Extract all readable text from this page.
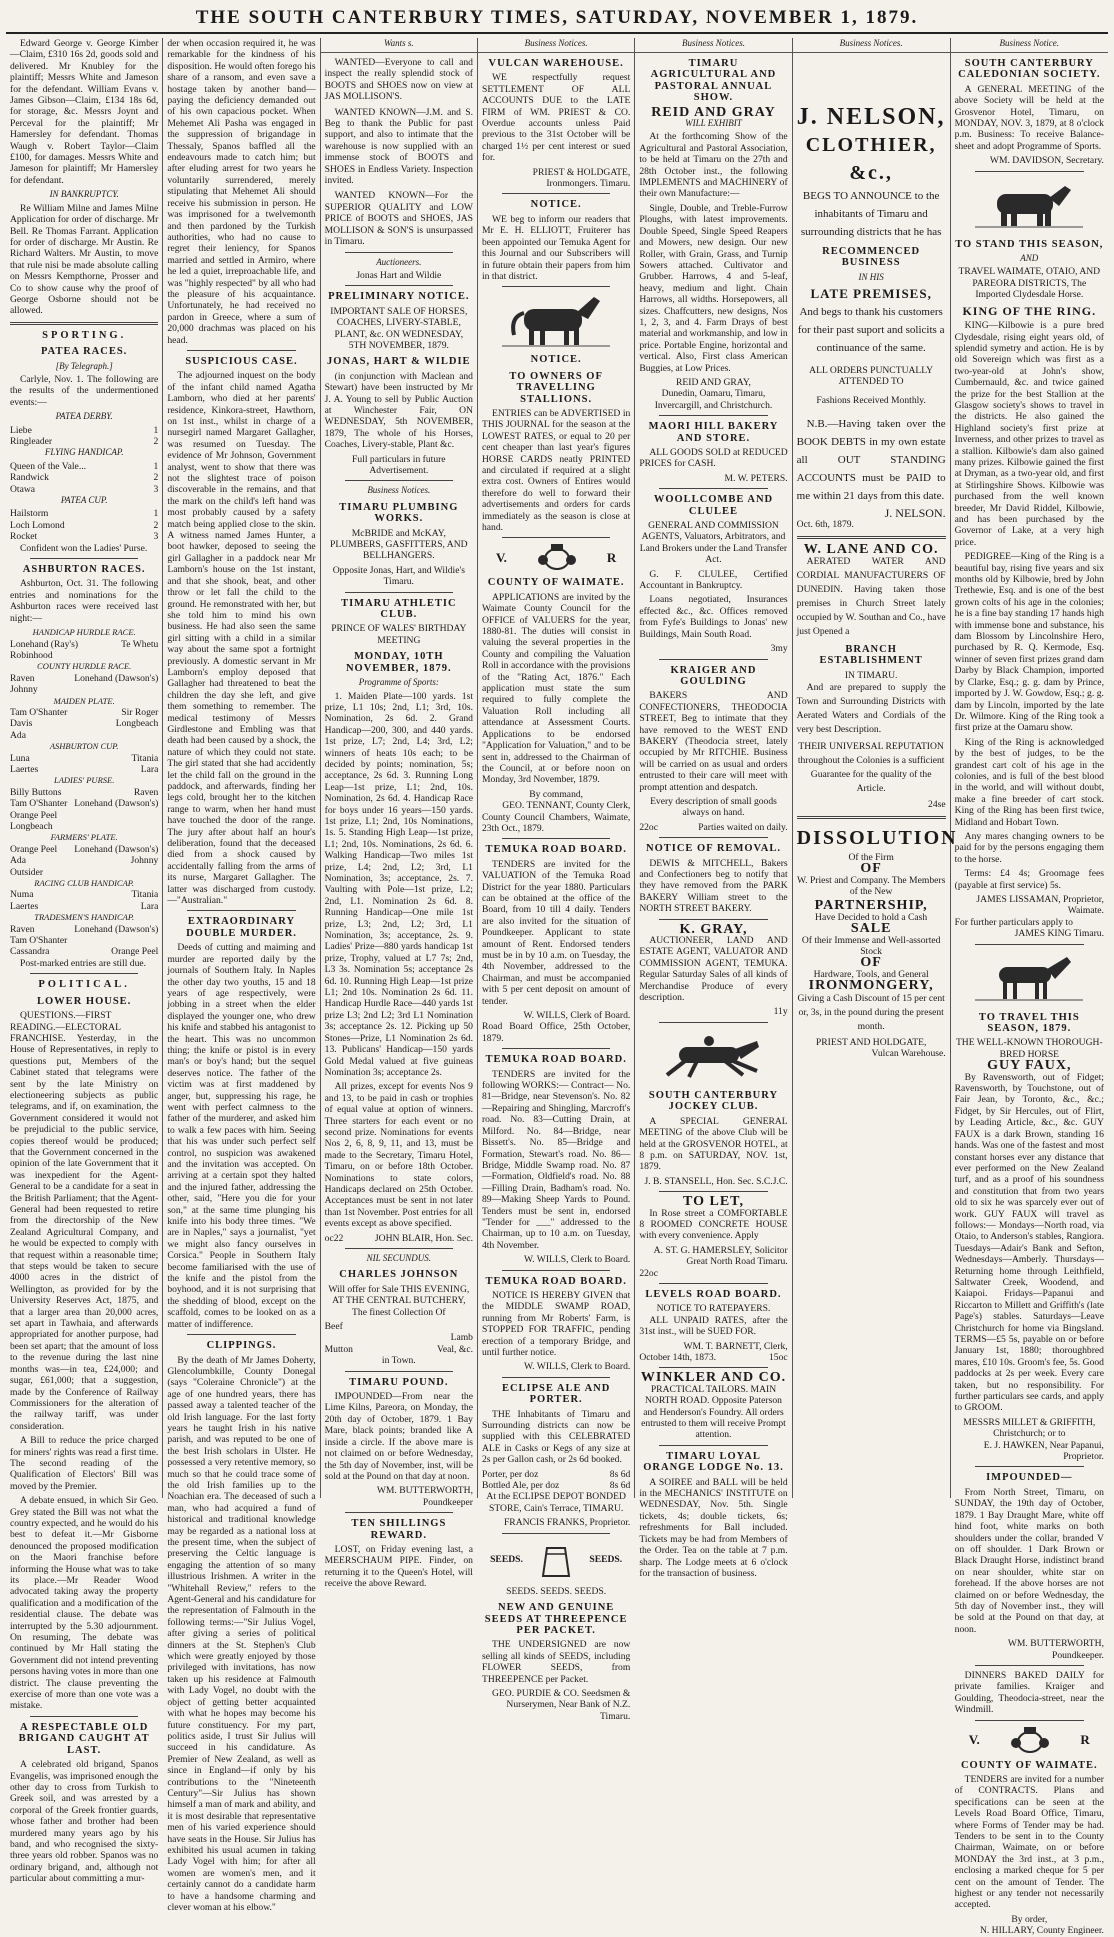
THE SOUTH CANTERBURY TIMES, SATURDAY, NOVEMBER 1, 1879.

Edward George v. George Kimber—Claim, £310 16s 2d, goods sold and delivered. Mr Knubley for the plaintiff; Messrs White and Jameson for the defendant. William Evans v. James Gibson—Claim, £134 18s 6d, for storage, &c. Messrs Joynt and Perceval for the plaintiff; Mr Hamersley for defendant. Thomas Waugh v. Robert Taylor—Claim £100, for damages. Messrs White and Jameson for plaintiff; Mr Hamersley for defendant.

IN BANKRUPTCY.

Re William Milne and James Milne Application for order of discharge. Mr Bell. Re Thomas Farrant. Application for order of discharge. Mr Austin. Re Richard Walters. Mr Austin, to move that rule nisi be made absolute calling on Messrs Kempthorne, Prosser and Co to show cause why the proof of George Osborne should not be allowed.

SPORTING.
PATEA RACES.
[By Telegraph.]

Carlyle, Nov. 1. The following are the results of the undermentioned events:—

PATEA DERBY.
Liebe	1
Ringleader	2
FLYING HANDICAP.
Queen of the Vale...	1
Randwick	2
Otawa	3
PATEA CUP.
Hailstorm	1
Loch Lomond	2
Rocket	3

Confident won the Ladies' Purse.

ASHBURTON RACES.

Ashburton, Oct. 31. The following entries and nominations for the Ashburton races were received last night:—

HANDICAP HURDLE RACE.
Lonehand (Ray's)	Te Whetu
Robinhood
COUNTY HURDLE RACE.
Raven	Lonehand (Dawson's)
Johnny
MAIDEN PLATE.
Tam O'Shanter	Sir Roger
Davis	Longbeach
Ada
ASHBURTON CUP.
Luna	Titania
Laertes	Lara
LADIES' PURSE.
Billy Buttons	Raven
Tam O'Shanter Lonehand (Dawson's)
Orange Peel
Longbeach
FARMERS' PLATE.
Orange Peel Lonehand (Dawson's)
Ada	Johnny
Outsider
RACING CLUB HANDICAP.
Numa	Titania
Laertes	Lara
TRADESMEN'S HANDICAP.
Raven	Lonehand (Dawson's)
Tam O'Shanter
Cassandra	Orange Peel

Post-marked entries are still due.

POLITICAL.
LOWER HOUSE.

QUESTIONS.—FIRST READING.—ELECTORAL FRANCHISE. Yesterday, in the House of Representatives, in reply to questions put, Members of the Cabinet stated that telegrams were sent by the late Ministry on electioneering subjects as public telegrams, and if, on examination, the Government considered it would not be prejudicial to the public service, copies thereof would be produced; that the Government concerned in the opinion of the late Government that it was inexpedient for the Agent-General to be a candidate for a seat in the British Parliament; that the Agent-General had been requested to retire from the directorship of the New Zealand Agricultural Company, and he would be expected to comply with that request within a reasonable time; that steps would be taken to secure 4000 acres in the district of Wellington, as provided for by the University Reserves Act, 1875, and that a larger area than 20,000 acres, set apart in Tawhaia, and afterwards appropriated for another purpose, had been set apart; that the amount of loss to the revenue during the last nine months was—in tea, £24,000; and sugar, £61,000; that a suggestion, made by the Conference of Railway Commissioners for the alteration of the railway tariff, was under consideration.

A Bill to reduce the price charged for miners' rights was read a first time. The second reading of the Qualification of Electors' Bill was moved by the Premier.

A debate ensued, in which Sir Geo. Grey stated the Bill was not what the country expected, and he would do his best to defeat it.—Mr Gisborne denounced the proposed modification on the Maori franchise before informing the House what was to take its place.—Mr Reader Wood advocated taking away the property qualification and a modification of the residential clause. The debate was interrupted by the 5.30 adjournment. On resuming, The debate was continued by Mr Hall stating the Government did not intend preventing persons having votes in more than one district. The clause preventing the exercise of more than one vote was a mistake.

A RESPECTABLE OLD BRIGAND CAUGHT AT LAST.

A celebrated old brigand, Spanos Evangelis, was imprisoned enough the other day to cross from Turkish to Greek soil, and was arrested by a corporal of the Greek frontier guards, whose father and brother had been murdered many years ago by his band, and who recognised the sixty-three years old robber. Spanos was no ordinary brigand, and, although not particular about committing a mur-

der when occasion required it, he was remarkable for the kindness of his disposition. He would often forego his share of a ransom, and even save a hostage taken by another band—paying the deficiency demanded out of his own capacious pocket. When Mehemet Ali Pasha was engaged in the suppression of brigandage in Thessaly, Spanos baffled all the endeavours made to catch him; but after eluding arrest for two years he voluntarily surrendered, merely stipulating that Mehemet Ali should receive his submission in person. He was imprisoned for a twelvemonth and then pardoned by the Turkish authorities, who had no cause to regret their leniency, for Spanos married and settled in Armiro, where he led a quiet, irreproachable life, and was "highly respected" by all who had the pleasure of his acquaintance. Unfortunately, he had received no pardon in Greece, where a sum of 20,000 drachmas was placed on his head.

SUSPICIOUS CASE.

The adjourned inquest on the body of the infant child named Agatha Lamborn, who died at her parents' residence, Kinkora-street, Hawthorn, on 1st inst., whilst in charge of a nursegirl named Margaret Gallagher, was resumed on Tuesday. The evidence of Mr Johnson, Government analyst, went to show that there was not the slightest trace of poison discoverable in the remains, and that the mark on the child's left hand was most probably caused by a safety match being applied close to the skin. A witness named James Hunter, a boot hawker, deposed to seeing the girl Gallagher in a paddock near Mr Lamborn's house on the 1st instant, and that she shook, beat, and other throw or let fall the child to the ground. He remonstrated with her, but she told him to mind his own business. He had also seen the same girl sitting with a child in a similar way about the same spot a fortnight previously. A domestic servant in Mr Lamborn's employ deposed that Gallagher had threatened to beat the children the day she left, and give them something to remember. The medical testimony of Messrs Girdlestone and Embling was that death had been caused by a shock, the nature of which they could not state. The girl stated that she had accidently let the child fall on the ground in the paddock, and afterwards, finding her legs cold, brought her to the kitchen range to warm, when her hand must have touched the door of the range. The jury after about half an hour's deliberation, found that the deceased died from a shock caused by accidentally falling from the arms of its nurse, Margaret Gallagher. The latter was discharged from custody.—"Australian."

EXTRAORDINARY DOUBLE MURDER.

Deeds of cutting and maiming and murder are reported daily by the journals of Southern Italy. In Naples the other day two youths, 15 and 18 years of age respectively, were jobbing in a street when the elder displayed the younger one, who drew his knife and stabbed his antagonist to the heart. This was no uncommon thing; the knife or pistol is in every man's or boy's hand; but the sequel deserves notice. The father of the victim was at first maddened by anger, but, suppressing his rage, he went with perfect calmness to the father of the murderer, and asked him to walk a few paces with him. Seeing that his was under such perfect self control, no suspicion was awakened and the invitation was accepted. On arriving at a certain spot they halted and the injured father, addressing the other, said, "Here you die for your son," at the same time plunging his knife into his body three times. "We are in Naples," says a journalist, "yet we might also fancy ourselves in Corsica." People in Southern Italy become familiarised with the use of the knife and the pistol from the boyhood, and it is not surprising that the shedding of blood, except on the scaffold, comes to be looked on as a matter of indifference.

CLIPPINGS.

By the death of Mr James Doherty, Glencolumbkille, County Donegal (says "Coleraine Chronicle") at the age of one hundred years, there has passed away a talented teacher of the old Irish language. For the last forty years he taught Irish in his native parish, and was reputed to be one of the best Irish scholars in Ulster. He possessed a very retentive memory, so much so that he could trace some of the old Irish families up to the Noachian era. The deceased of such a man, who had acquired a fund of historical and traditional knowledge may be regarded as a national loss at the present time, when the subject of preserving the Celtic language is engaging the attention of so many illustrious Irishmen. A writer in the "Whitehall Review," refers to the Agent-General and his candidature for the representation of Falmouth in the following terms:—"Sir Julius Vogel, after giving a series of political dinners at the St. Stephen's Club which were greatly enjoyed by those privileged with invitations, has now taken up his residence at Falmouth with Lady Vogel, no doubt with the object of getting better acquainted with what he hopes may become his future constituency. For my part, politics aside, I trust Sir Julius will succeed in his candidature. As Premier of New Zealand, as well as since in England—if only by his contributions to the "Nineteenth Century"—Sir Julius has shown himself a man of mark and ability, and it is most desirable that representative men of his varied experience should have seats in the House. Sir Julius has exhibited his usual acumen in taking Lady Vogel with him; for after all women are women's men, and it certainly cannot do a candidate harm to have a handsome charming and clever woman at his elbow."

Wants s.

WANTED—Everyone to call and inspect the really splendid stock of BOOTS and SHOES now on view at JAS MOLLISON'S.

WANTED KNOWN—J.M. and S. Beg to thank the Public for past support, and also to intimate that the warehouse is now supplied with an immense stock of BOOTS and SHOES in Endless Variety. Inspection invited.

WANTED KNOWN—For the SUPERIOR QUALITY and LOW PRICE of BOOTS and SHOES, JAS MOLLISON & SON'S is unsurpassed in Timaru.

Auctioneers.
Jonas Hart and Wildie
PRELIMINARY NOTICE.

IMPORTANT SALE OF HORSES, COACHES, LIVERY-STABLE, PLANT, &c. ON WEDNESDAY, 5TH NOVEMBER, 1879.

JONAS, HART & WILDIE

(in conjunction with Maclean and Stewart) have been instructed by Mr J. A. Young to sell by Public Auction at Winchester Fair, ON WEDNESDAY, 5th NOVEMBER, 1879, The whole of his Horses, Coaches, Livery-stable, Plant &c.

Full particulars in future Advertisement.

Business Notices.
TIMARU PLUMBING WORKS.

McBRIDE and McKAY, PLUMBERS, GASFITTERS, AND BELLHANGERS.

Opposite Jonas, Hart, and Wildie's Timaru.

TIMARU ATHLETIC CLUB.
PRINCE OF WALES' BIRTHDAY MEETING
MONDAY, 10TH NOVEMBER, 1879.
Programme of Sports:

1. Maiden Plate—100 yards. 1st prize, L1 10s; 2nd, L1; 3rd, 10s. Nomination, 2s 6d. 2. Grand Handicap—200, 300, and 440 yards. 1st prize, L7; 2nd, L4; 3rd, L2; winners of heats 10s each; to be decided by points; nomination, 5s; acceptance, 2s 6d. 3. Running Long Leap—1st prize, L1; 2nd, 10s. Nomination, 2s 6d. 4. Handicap Race for boys under 16 years—150 yards. 1st prize, L1; 2nd, 10s Nominations, 1s. 5. Standing High Leap—1st prize, L1; 2nd, 10s. Nominations, 2s 6d. 6. Walking Handicap—Two miles 1st prize, L4; 2nd, L2; 3rd, L1 Nomination, 3s; acceptance, 2s. 7. Vaulting with Pole—1st prize, L2; 2nd, L1. Nomination 2s 6d. 8. Running Handicap—One mile 1st prize, L3; 2nd, L2; 3rd, L1 Nomination, 3s; acceptance, 2s. 9. Ladies' Prize—880 yards handicap 1st prize, Trophy, valued at L7 7s; 2nd, L3 3s. Nomination 5s; acceptance 2s 6d. 10. Running High Leap—1st prize L1; 2nd 10s. Nomination 2s 6d. 11. Handicap Hurdle Race—440 yards 1st prize L3; 2nd L2; 3rd L1 Nomination 3s; acceptance 2s. 12. Picking up 50 Stones—Prize, L1 Nomination 2s 6d. 13. Publicans' Handicap—150 yards Gold Medal valued at five guineas Nomination 3s; acceptance 2s.

All prizes, except for events Nos 9 and 13, to be paid in cash or trophies of equal value at option of winners. Three starters for each event or no second prize. Nominations for events Nos 2, 6, 8, 9, 11, and 13, must be made to the Secretary, Timaru Hotel, Timaru, on or before 18th October. Nominations to state colors, Handicaps declared on 25th October. Acceptances must be sent in not later than 1st November. Post entries for all events except as above specified.

oc22	JOHN BLAIR, Hon. Sec.
NIL SECUNDUS.
CHARLES JOHNSON

Will offer for Sale THIS EVENING, AT THE CENTRAL BUTCHERY, The finest Collection Of

Beef
Lamb
Mutton	Veal, &c.
in Town.
TIMARU POUND.

IMPOUNDED—From near the Lime Kilns, Pareora, on Monday, the 20th day of October, 1879. 1 Bay Mare, black points; branded like A inside a circle. If the above mare is not claimed on or before Wednesday, the 5th day of November, inst, will be sold at the Pound on that day at noon.

WM. BUTTERWORTH, Poundkeeper
TEN SHILLINGS REWARD.

LOST, on Friday evening last, a MEERSCHAUM PIPE. Finder, on returning it to the Queen's Hotel, will receive the above Reward.

Business Notices.
VULCAN WAREHOUSE.

WE respectfully request SETTLEMENT OF ALL ACCOUNTS DUE to the LATE FIRM of WM. PRIEST & CO. Overdue accounts unless Paid previous to the 31st October will be charged 1½ per cent interest or sued for.

PRIEST & HOLDGATE, Ironmongers. Timaru.
NOTICE.

WE beg to inform our readers that Mr E. H. ELLIOTT, Fruiterer has been appointed our Temuka Agent for this Journal and our Subscribers will in future obtain their papers from him in that district.

NOTICE.
TO OWNERS OF TRAVELLING STALLIONS.

ENTRIES can be ADVERTISED in THIS JOURNAL for the season at the LOWEST RATES, or equal to 20 per cent cheaper than last year's figures HORSE CARDS neatly PRINTED and circulated if required at a slight extra cost. Owners of Entires would therefore do well to forward their advertisements and orders for cards immediately as the season is close at hand.

V.	R
COUNTY OF WAIMATE.

APPLICATIONS are invited by the Waimate County Council for the OFFICE of VALUERS for the year, 1880-81. The duties will consist in valuing the several properties in the County and compiling the Valuation Roll in accordance with the provisions of the "Rating Act, 1876." Each application must state the sum required to fully complete the Valuation Roll including all attendance at Assessment Courts. Applications to be endorsed "Application for Valuation," and to be sent in, addressed to the Chairman of the Council, at or before noon on Monday, 3rd November, 1879.

By command,
GEO. TENNANT, County Clerk,
County Council Chambers, Waimate, 23th Oct., 1879.
TEMUKA ROAD BOARD.

TENDERS are invited for the VALUATION of the Temuka Road District for the year 1880. Particulars can be obtained at the office of the Board, from 10 till 4 daily. Tenders are also invited for the situation of Poundkeeper. Applicant to state amount of Rent. Endorsed tenders must be in by 10 a.m. on Tuesday, the 4th November, addressed to the Chairman, and must be accompanied with 5 per cent deposit on amount of tender.

W. WILLS, Clerk of Board.
Road Board Office, 25th October, 1879.
TEMUKA ROAD BOARD.

TENDERS are invited for the following WORKS:— Contract— No. 81—Bridge, near Stevenson's. No. 82—Repairing and Shingling, Marcroft's road. No. 83—Cutting Drain, at Milford. No. 84—Bridge, near Bissett's. No. 85—Bridge and Formation, Stewart's road. No. 86—Bridge, Middle Swamp road. No. 87—Formation, Oldfield's road. No. 88—Filling Drain, Badham's road. No. 89—Making Sheep Yards to Pound. Tenders must be sent in, endorsed "Tender for ___" addressed to the Chairman, up to 10 a.m. on Tuesday, 4th November.

W. WILLS, Clerk to Board.
TEMUKA ROAD BOARD.

NOTICE IS HEREBY GIVEN that the MIDDLE SWAMP ROAD, running from Mr Roberts' Farm, is STOPPED FOR TRAFFIC, pending erection of a temporary Bridge, and until further notice.

W. WILLS, Clerk to Board.
ECLIPSE ALE AND PORTER.

THE Inhabitants of Timaru and Surrounding districts can now be supplied with this CELEBRATED ALE in Casks or Kegs of any size at 2s per Gallon cash, or 2s 6d booked.

Porter, per doz	8s 6d
Bottled Ale, per doz	8s 6d

At the ECLIPSE DEPOT BONDED STORE, Cain's Terrace, TIMARU.

FRANCIS FRANKS, Proprietor.
SEEDS.	SEEDS.
SEEDS. SEEDS. SEEDS.
NEW AND GENUINE SEEDS AT THREEPENCE PER PACKET.

THE UNDERSIGNED are now selling all kinds of SEEDS, including FLOWER SEEDS, from THREEPENCE per Packet.

GEO. PURDIE & CO. Seedsmen & Nurserymen, Near Bank of N.Z. Timaru.
Business Notices.
TIMARU AGRICULTURAL AND PASTORAL ANNUAL SHOW.
REID AND GRAY
WILL EXHIBIT

At the forthcoming Show of the Agricultural and Pastoral Association, to be held at Timaru on the 27th and 28th October inst., the following IMPLEMENTS and MACHINERY of their own Manufacture:—

Single, Double, and Treble-Furrow Ploughs, with latest improvements. Double Speed, Single Speed Reapers and Mowers, new design. Our new Roller, with Grain, Grass, and Turnip Sowers attached. Cultivator and Grubber. Harrows, 4 and 5-leaf, heavy, medium and light. Chain Harrows, all widths. Horsepowers, all sizes. Chaffcutters, new designs, Nos 1, 2, 3, and 4. Farm Drays of best material and workmanship, and low in price. Portable Engine, horizontal and vertical. Also, First class American Buggies, at Low Prices.

REID AND GRAY,
Dunedin, Oamaru, Timaru, Invercargill, and Christchurch.
MAORI HILL BAKERY AND STORE.

ALL GOODS SOLD at REDUCED PRICES for CASH.

M. W. PETERS.
WOOLLCOMBE AND CLULEE

GENERAL AND COMMISSION AGENTS, Valuators, Arbitrators, and Land Brokers under the Land Transfer Act.

G. F. CLULEE, Certified Accountant in Bankruptcy.

Loans negotiated, Insurances effected &c., &c. Offices removed from Fyfe's Buildings to Jonas' new Buildings, Main South Road.

3my
KRAIGER AND GOULDING

BAKERS AND CONFECTIONERS, THEODOCIA STREET, Beg to intimate that they have removed to the WEST END BAKERY (Theodocia street, lately occupied by Mr RITCHIE. Business will be carried on as usual and orders entrusted to their care will meet with prompt attention and despatch.

Every description of small goods always on hand.

22oc	Parties waited on daily.
NOTICE OF REMOVAL.

DEWIS & MITCHELL, Bakers and Confectioners beg to notify that they have removed from the PARK BAKERY William street to the NORTH STREET BAKERY.

K. GRAY,

AUCTIONEER, LAND AND ESTATE AGENT, VALUATOR AND COMMISSION AGENT, TEMUKA. Regular Saturday Sales of all kinds of Merchandise Produce of every description.

11y
SOUTH CANTERBURY JOCKEY CLUB.

A SPECIAL GENERAL MEETING of the above Club will be held at the GROSVENOR HOTEL, at 8 p.m. on SATURDAY, NOV. 1st, 1879.

J. B. STANSELL, Hon. Sec. S.C.J.C.
TO LET,

In Rose street a COMFORTABLE 8 ROOMED CONCRETE HOUSE with every convenience. Apply

A. ST. G. HAMERSLEY, Solicitor Great North Road Timaru.
22oc
LEVELS ROAD BOARD.
NOTICE TO RATEPAYERS.

ALL UNPAID RATES, after the 31st inst., will be SUED FOR.

WM. T. BARNETT, Clerk,
October 14th, 1873.	15oc
WINKLER AND CO.

PRACTICAL TAILORS. MAIN NORTH ROAD. Opposite Paterson and Henderson's Foundry. All orders entrusted to them will receive Prompt attention.

TIMARU LOYAL ORANGE LODGE No. 13.

A SOIREE and BALL will be held in the MECHANICS' INSTITUTE on WEDNESDAY, Nov. 5th. Single tickets, 4s; double tickets, 6s; refreshments for Ball included. Tickets may be had from Members of the Order. Tea on the table at 7 p.m. sharp. The Lodge meets at 6 o'clock for the transaction of business.

Business Notices.
J. NELSON,
CLOTHIER, &c.,

BEGS TO ANNOUNCE to the inhabitants of Timaru and surrounding districts that he has

RECOMMENCED BUSINESS
IN HIS
LATE PREMISES,

And begs to thank his customers for their past suport and solicits a continuance of the same.

ALL ORDERS PUNCTUALLY ATTENDED TO
Fashions Received Monthly.

N.B.—Having taken over the BOOK DEBTS in my own estate all OUT STANDING ACCOUNTS must be PAID to me within 21 days from this date.

J. NELSON.
Oct. 6th, 1879.
W. LANE AND CO.

AERATED WATER AND CORDIAL MANUFACTURERS OF DUNEDIN. Having taken those premises in Church Street lately occupied by W. Southan and Co., have just Opened a

BRANCH ESTABLISHMENT
IN TIMARU.

And are prepared to supply the Town and Surrounding Districts with Aerated Waters and Cordials of the very best Description.

THEIR UNIVERSAL REPUTATION throughout the Colonies is a sufficient Guarantee for the quality of the Article.

24se
DISSOLUTION
Of the Firm
OF

W. Priest and Company. The Members of the New

PARTNERSHIP,
Have Decided to hold a Cash
SALE
Of their Immense and Well-assorted Stock
OF
Hardware, Tools, and General
IRONMONGERY,

Giving a Cash Discount of 15 per cent or, 3s, in the pound during the present month.

PRIEST AND HOLDGATE,
Vulcan Warehouse.
Business Notice.
SOUTH CANTERBURY CALEDONIAN SOCIETY.

A GENERAL MEETING of the above Society will be held at the Grosvenor Hotel, Timaru, on MONDAY, NOV. 3, 1879, at 8 o'clock p.m. Business: To receive Balance-sheet and adopt Programme of Sports.

WM. DAVIDSON, Secretary.
TO STAND THIS SEASON,
AND
TRAVEL WAIMATE, OTAIO, AND PAREORA DISTRICTS, The Imported Clydesdale Horse.
KING OF THE RING.

KING—Kilbowie is a pure bred Clydesdale, rising eight years old, of splendid symetry and action. He is by old Sovereign which was first as a two-year-old at John's show, Cumbernauld, &c. and twice gained the prize for the best Stallion at the Glasgow society's shows to travel in the districts. He also gained the Highland society's first prize at Inverness, and other prizes to travel as a stallion. Kilbowie's dam also gained many prizes. Kilbowie gained the first at Dryman, as a two-year old, and first at Stirlingshire Shows. Kilbowie was purchased from the well known breeder, Mr David Riddel, Kilbowie, and has been purchased by the Governor of Lake, at a very high price.

PEDIGREE—King of the Ring is a beautiful bay, rising five years and six months old by Kilbowie, bred by John Trethewie, Esq. and is one of the best grown colts of his age in the colonies; he is a fine bay standing 17 hands high with immense bone and substance, his dam Blossom by Lincolnshire Hero, purchased by R. Q. Kermode, Esq. winner of seven first prizes grand dam Darby by Black Champion, imported by Clarke, Esq.; g. g. dam by Prince, imported by J. W. Gowdow, Esq.; g. g. dam by Lincoln, imported by the late Dr. Wilmore. King of the Ring took a first prize at the Oamaru show.

King of the Ring is acknowledged by the best of judges, to be the grandest cart colt of his age in the colonies, and is full of the best blood in the world, and will without doubt, make a fine breeder of cart stock. King of the Ring has been first twice, Midland and Hobart Town.

Any mares changing owners to be paid for by the persons engaging them to the horse.

Terms: £4 4s; Groomage fees (payable at first service) 5s.

JAMES LISSAMAN, Proprietor, Waimate.
For further particulars apply to
JAMES KING Timaru.
TO TRAVEL THIS SEASON, 1879.
THE WELL-KNOWN THOROUGH-BRED HORSE
GUY FAUX,

By Ravensworth, out of Fidget; Ravensworth, by Touchstone, out of Fair Jean, by Toronto, &c., &c.; Fidget, by Sir Hercules, out of Flirt, by Leading Article, &c., &c. GUY FAUX is a dark Brown, standing 16 hands. Was one of the fastest and most constant horses ever any distance that ever performed on the New Zealand turf, and as a proof of his soundness and constitution that from two years old to six he was sparcely ever out of work. GUY FAUX will travel as follows:— Mondays—North road, via Otaio, to Anderson's stables, Rangiora. Tuesdays—Adair's Bank and Sefton, Wednesdays—Amberly. Thursdays—Returning home through Leithfield, Saltwater Creek, Woodend, and Kaiapoi. Fridays—Papanui and Riccarton to Millett and Griffith's (late Page's) stables. Saturdays—Leave Christchurch for home via Bingsland. TERMS—£5 5s, payable on or before January 1st, 1880; thoroughbred mares, £10 10s. Groom's fee, 5s. Good paddocks at 2s per week. Every care taken, but no responsibility. For further particulars see cards, and apply to GROOM.

MESSRS MILLET & GRIFFITH, Christchurch; or to
E. J. HAWKEN, Near Papanui, Proprietor.
IMPOUNDED—

From North Street, Timaru, on SUNDAY, the 19th day of October, 1879. 1 Bay Draught Mare, white off hind foot, white marks on both shoulders under the collar, branded V on off shoulder. 1 Dark Brown or Black Draught Horse, indistinct brand on near shoulder, white star on forehead. If the above horses are not claimed on or before Wednesday, the 5th day of November inst., they will be sold at the Pound on that day, at noon.

WM. BUTTERWORTH, Poundkeeper.

DINNERS BAKED DAILY for private families. Kraiger and Goulding, Theodocia-street, near the Windmill.

V.	R
COUNTY OF WAIMATE.

TENDERS are invited for a number of CONTRACTS. Plans and specifications can be seen at the Levels Road Board Office, Timaru, where Forms of Tender may be had. Tenders to be sent in to the County Chairman, Waimate, on or before MONDAY the 3rd inst., at 3 p.m., enclosing a marked cheque for 5 per cent on the amount of Tender. The highest or any tender not necessarily accepted.

By order,
N. HILLARY, County Engineer.
